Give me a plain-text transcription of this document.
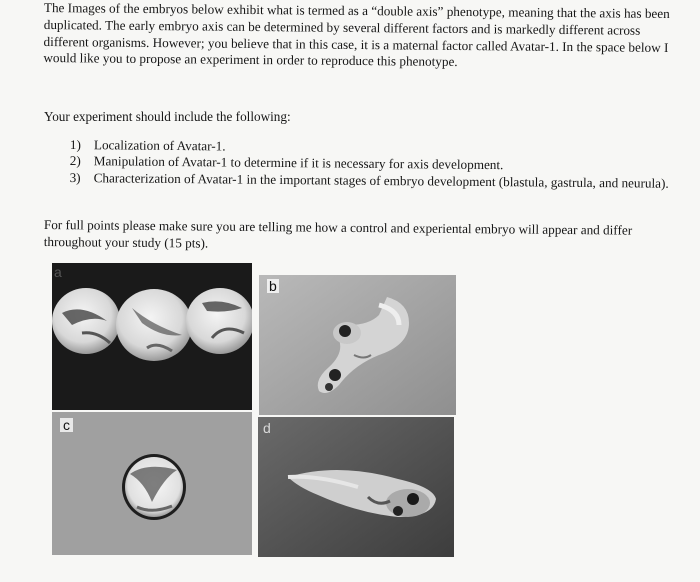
The Images of the embryos below exhibit what is termed as a “double axis” phenotype, meaning that the axis has been duplicated. The early embryo axis can be determined by several different factors and is markedly different across different organisms. However; you believe that in this case, it is a maternal factor called Avatar-1. In the space below I would like you to propose an experiment in order to reproduce this phenotype.

Your experiment should include the following:

1) Localization of Avatar-1.
2) Manipulation of Avatar-1 to determine if it is necessary for axis development.
3) Characterization of Avatar-1 in the important stages of embryo development (blastula, gastrula, and neurula).

For full points please make sure you are telling me how a control and experiental embryo will appear and differ throughout your study (15 pts).

a
b
c	d
